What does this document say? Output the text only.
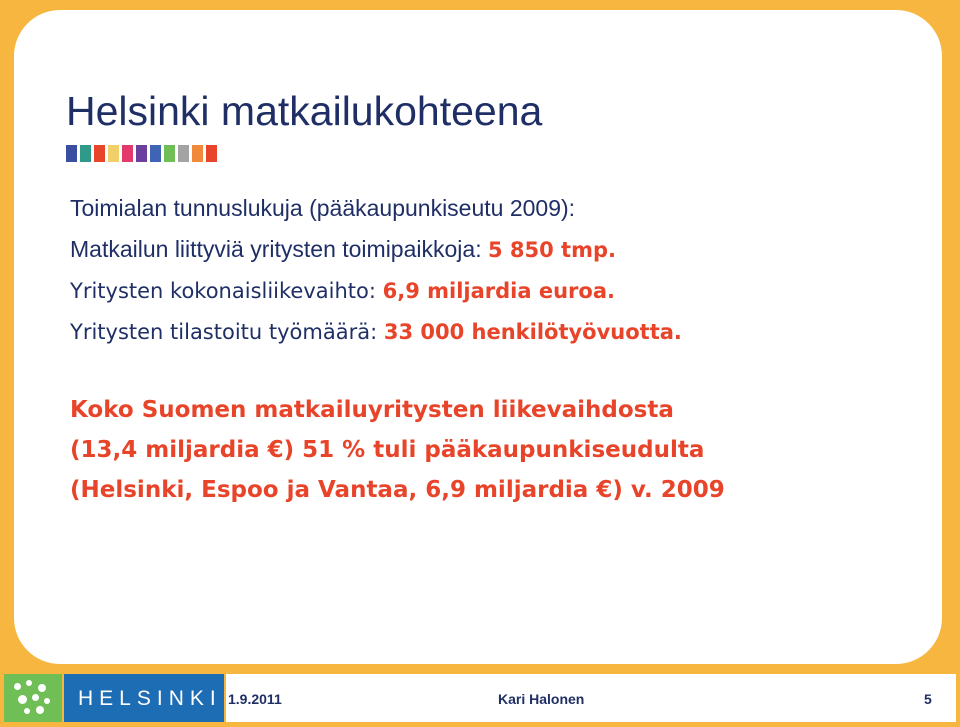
Helsinki matkailukohteena
Toimialan tunnuslukuja (pääkaupunkiseutu 2009):
Matkailun liittyviä yritysten toimipaikkoja: 5 850 tmp.
Yritysten kokonaisliikevaihto: 6,9 miljardia euroa.
Yritysten tilastoitu työmäärä: 33 000 henkilötyövuotta.
Koko Suomen matkailuyritysten liikevaihdosta
(13,4 miljardia €) 51 % tuli pääkaupunkiseudulta
(Helsinki, Espoo ja Vantaa, 6,9 miljardia €) v. 2009
HELSINKI 1.9.2011	Kari Halonen	5
